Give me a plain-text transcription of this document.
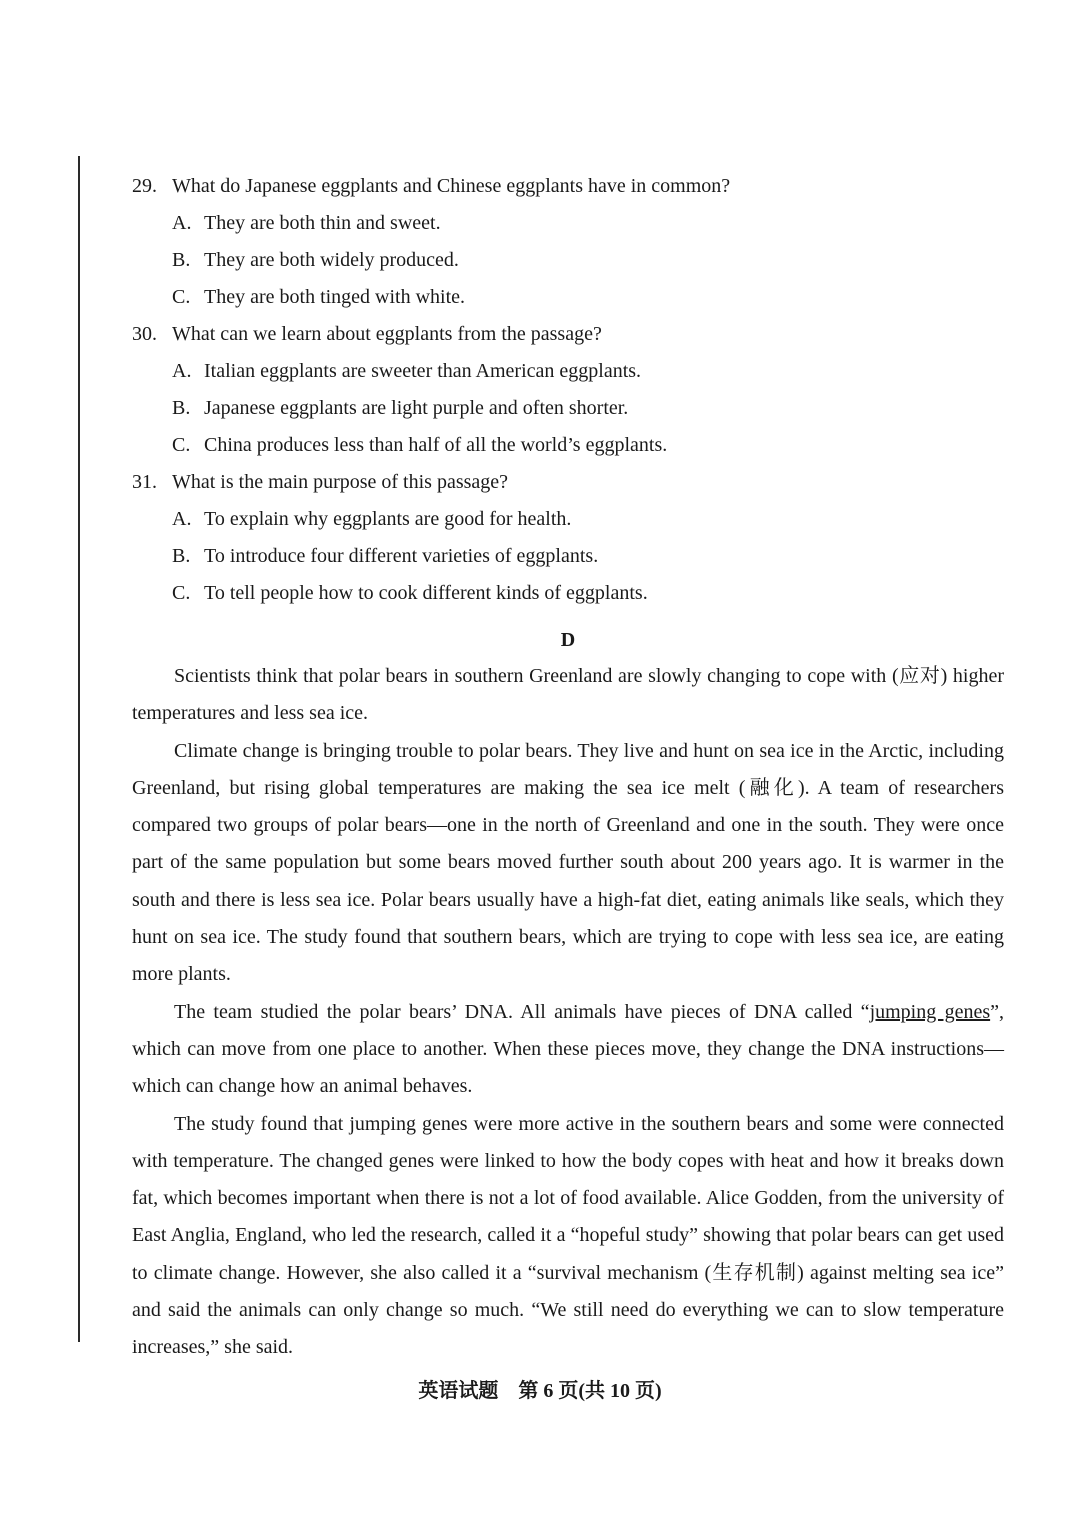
29. What do Japanese eggplants and Chinese eggplants have in common?
A. They are both thin and sweet.
B. They are both widely produced.
C. They are both tinged with white.
30. What can we learn about eggplants from the passage?
A. Italian eggplants are sweeter than American eggplants.
B. Japanese eggplants are light purple and often shorter.
C. China produces less than half of all the world’s eggplants.
31. What is the main purpose of this passage?
A. To explain why eggplants are good for health.
B. To introduce four different varieties of eggplants.
C. To tell people how to cook different kinds of eggplants.
D

Scientists think that polar bears in southern Greenland are slowly changing to cope with (应对) higher temperatures and less sea ice.

Climate change is bringing trouble to polar bears. They live and hunt on sea ice in the Arctic, including Greenland, but rising global temperatures are making the sea ice melt (融化). A team of researchers compared two groups of polar bears—one in the north of Greenland and one in the south. They were once part of the same population but some bears moved further south about 200 years ago. It is warmer in the south and there is less sea ice. Polar bears usually have a high-fat diet, eating animals like seals, which they hunt on sea ice. The study found that southern bears, which are trying to cope with less sea ice, are eating more plants.

The team studied the polar bears’ DNA. All animals have pieces of DNA called “jumping genes”, which can move from one place to another. When these pieces move, they change the DNA instructions—which can change how an animal behaves.

The study found that jumping genes were more active in the southern bears and some were connected with temperature. The changed genes were linked to how the body copes with heat and how it breaks down fat, which becomes important when there is not a lot of food available. Alice Godden, from the university of East Anglia, England, who led the research, called it a “hopeful study” showing that polar bears can get used to climate change. However, she also called it a “survival mechanism (生存机制) against melting sea ice” and said the animals can only change so much. “We still need do everything we can to slow temperature increases,” she said.

英语试题　第 6 页(共 10 页)
